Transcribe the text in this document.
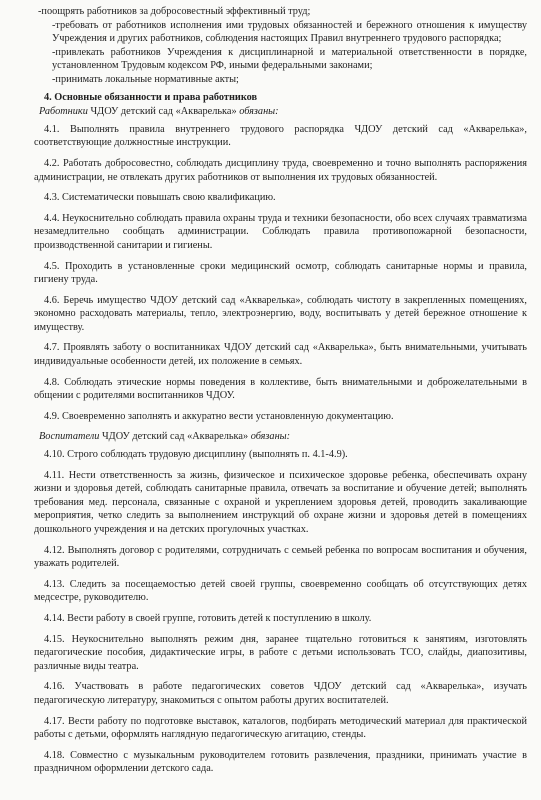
-поощрять работников за добросовестный эффективный труд;

-требовать от работников исполнения ими трудовых обязанностей и бережного отношения к имуществу Учреждения и других работников, соблюдения настоящих Правил внутреннего трудового распорядка;

-привлекать работников Учреждения к дисциплинарной и материальной ответственности в порядке, установленном Трудовым кодексом РФ, иными федеральными законами;

-принимать локальные нормативные акты;

4. Основные обязанности и права работников

Работники ЧДОУ детский сад «Акварелька» обязаны:

4.1. Выполнять правила внутреннего трудового распорядка ЧДОУ детский сад «Акварелька», соответствующие должностные инструкции.

4.2. Работать добросовестно, соблюдать дисциплину труда, своевременно и точно выполнять распоряжения администрации, не отвлекать других работников от выполнения их трудовых обязанностей.

4.3. Систематически повышать свою квалификацию.

4.4. Неукоснительно соблюдать правила охраны труда и техники безопасности, обо всех случаях травматизма незамедлительно сообщать администрации. Соблюдать правила противопожарной безопасности, производственной санитарии и гигиены.

4.5. Проходить в установленные сроки медицинский осмотр, соблюдать санитарные нормы и правила, гигиену труда.

4.6. Беречь имущество ЧДОУ детский сад «Акварелька», соблюдать чистоту в закрепленных помещениях, экономно расходовать материалы, тепло, электроэнергию, воду, воспитывать у детей бережное отношение к имуществу.

4.7. Проявлять заботу о воспитанниках ЧДОУ детский сад «Акварелька», быть внимательными, учитывать индивидуальные особенности детей, их положение в семьях.

4.8. Соблюдать этические нормы поведения в коллективе, быть внимательными и доброжелательными в общении с родителями воспитанников ЧДОУ.

4.9. Своевременно заполнять и аккуратно вести установленную документацию.

Воспитатели ЧДОУ детский сад «Акварелька» обязаны:

4.10. Строго соблюдать трудовую дисциплину (выполнять п. 4.1-4.9).

4.11. Нести ответственность за жизнь, физическое и психическое здоровье ребенка, обеспечивать охрану жизни и здоровья детей, соблюдать санитарные правила, отвечать за воспитание и обучение детей; выполнять требования мед. персонала, связанные с охраной и укреплением здоровья детей, проводить закаливающие мероприятия, четко следить за выполнением инструкций об охране жизни и здоровья детей в помещениях дошкольного учреждения и на детских прогулочных участках.

4.12. Выполнять договор с родителями, сотрудничать с семьей ребенка по вопросам воспитания и обучения, уважать родителей.

4.13. Следить за посещаемостью детей своей группы, своевременно сообщать об отсутствующих детях медсестре, руководителю.

4.14. Вести работу в своей группе, готовить детей к поступлению в школу.

4.15. Неукоснительно выполнять режим дня, заранее тщательно готовиться к занятиям, изготовлять педагогические пособия, дидактические игры, в работе с детьми использовать ТСО, слайды, диапозитивы, различные виды театра.

4.16. Участвовать в работе педагогических советов ЧДОУ детский сад «Акварелька», изучать педагогическую литературу, знакомиться с опытом работы других воспитателей.

4.17. Вести работу по подготовке выставок, каталогов, подбирать методический материал для практической работы с детьми, оформлять наглядную педагогическую агитацию, стенды.

4.18. Совместно с музыкальным руководителем готовить развлечения, праздники, принимать участие в праздничном оформлении детского сада.
